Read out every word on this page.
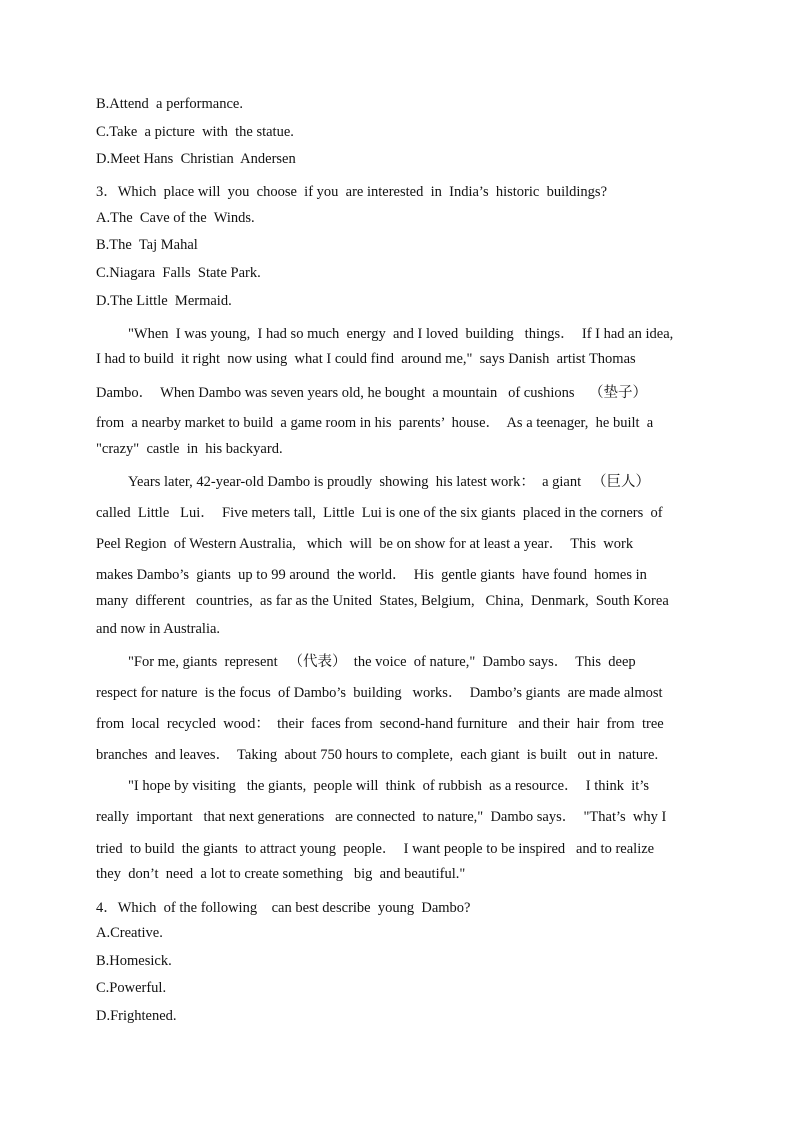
B.Attend  a performance.
C.Take  a picture  with  the statue.
D.Meet Hans  Christian  Andersen
3．Which  place will  you  choose  if you  are interested  in  India’s  historic  buildings?
A.The  Cave of the  Winds.
B.The  Taj Mahal
C.Niagara  Falls  State Park.
D.The Little  Mermaid.
"When  I was young,  I had so much  energy  and I loved  building   things．  If I had an idea,
I had to build  it right  now using  what I could find  around me,"  says Danish  artist Thomas
Dambo．  When Dambo was seven years old, he bought  a mountain   of cushions    （垫子）
from  a nearby market to build  a game room in his  parents’  house．  As a teenager,  he built  a
"crazy"  castle  in  his backyard.
Years later, 42-year-old Dambo is proudly  showing  his latest work：  a giant   （巨人）
called  Little   Lui．  Five meters tall,  Little  Lui is one of the six giants  placed in the corners  of
Peel Region  of Western Australia,   which  will  be on show for at least a year．  This  work
makes Dambo’s  giants  up to 99 around  the world．  His  gentle giants  have found  homes in
many  different   countries,  as far as the United  States, Belgium,   China,  Denmark,  South Korea
and now in Australia.
"For me, giants  represent   （代表）  the voice  of nature,"  Dambo says．  This  deep
respect for nature  is the focus  of Dambo’s  building   works．  Dambo’s giants  are made almost
from  local  recycled  wood：  their  faces from  second-hand furniture   and their  hair  from  tree
branches  and leaves．  Taking  about 750 hours to complete,  each giant  is built   out in  nature.
"I hope by visiting   the giants,  people will  think  of rubbish  as a resource．  I think  it’s
really  important   that next generations   are connected  to nature,"  Dambo says．  "That’s  why I
tried  to build  the giants  to attract young  people．  I want people to be inspired   and to realize
they  don’t  need  a lot to create something   big  and beautiful."
4．Which  of the following    can best describe  young  Dambo?
A.Creative.
B.Homesick.
C.Powerful.
D.Frightened.
